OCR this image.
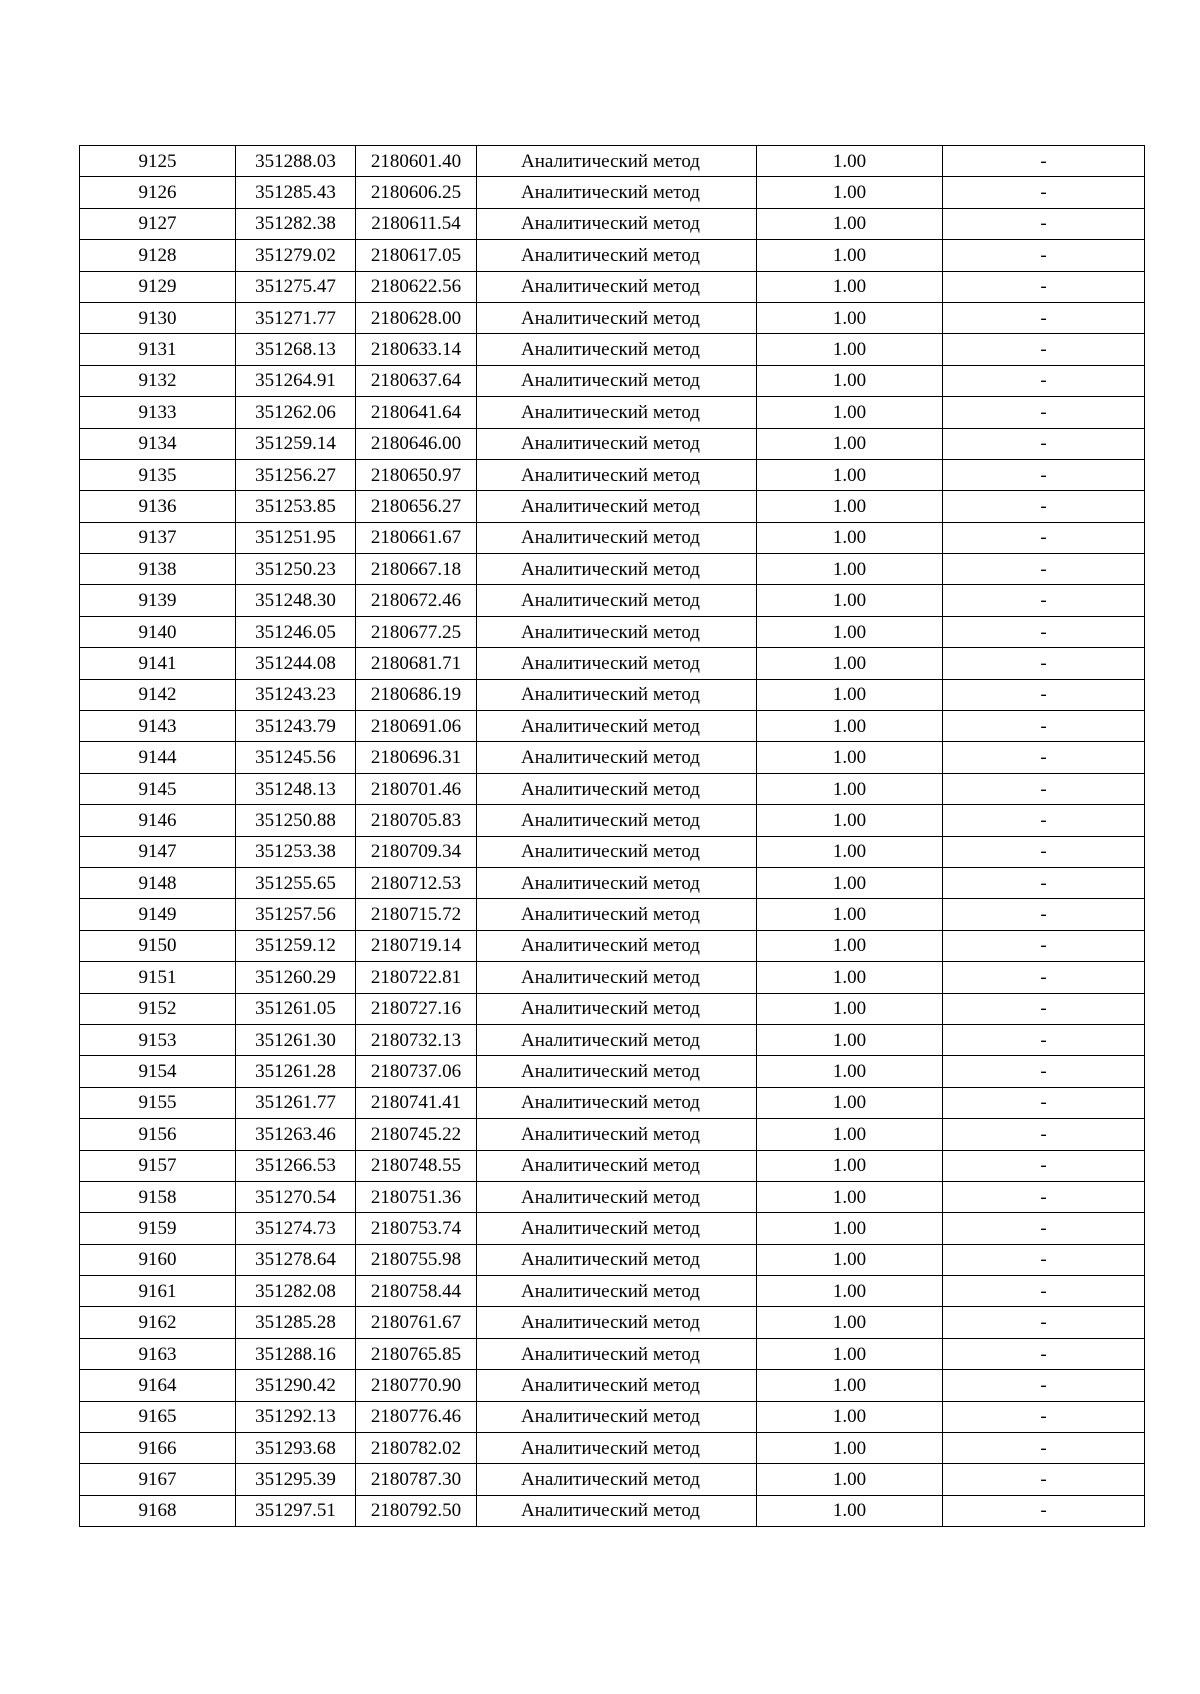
9125	351288.03	2180601.40	Аналитический метод	1.00	-
9126	351285.43	2180606.25	Аналитический метод	1.00	-
9127	351282.38	2180611.54	Аналитический метод	1.00	-
9128	351279.02	2180617.05	Аналитический метод	1.00	-
9129	351275.47	2180622.56	Аналитический метод	1.00	-
9130	351271.77	2180628.00	Аналитический метод	1.00	-
9131	351268.13	2180633.14	Аналитический метод	1.00	-
9132	351264.91	2180637.64	Аналитический метод	1.00	-
9133	351262.06	2180641.64	Аналитический метод	1.00	-
9134	351259.14	2180646.00	Аналитический метод	1.00	-
9135	351256.27	2180650.97	Аналитический метод	1.00	-
9136	351253.85	2180656.27	Аналитический метод	1.00	-
9137	351251.95	2180661.67	Аналитический метод	1.00	-
9138	351250.23	2180667.18	Аналитический метод	1.00	-
9139	351248.30	2180672.46	Аналитический метод	1.00	-
9140	351246.05	2180677.25	Аналитический метод	1.00	-
9141	351244.08	2180681.71	Аналитический метод	1.00	-
9142	351243.23	2180686.19	Аналитический метод	1.00	-
9143	351243.79	2180691.06	Аналитический метод	1.00	-
9144	351245.56	2180696.31	Аналитический метод	1.00	-
9145	351248.13	2180701.46	Аналитический метод	1.00	-
9146	351250.88	2180705.83	Аналитический метод	1.00	-
9147	351253.38	2180709.34	Аналитический метод	1.00	-
9148	351255.65	2180712.53	Аналитический метод	1.00	-
9149	351257.56	2180715.72	Аналитический метод	1.00	-
9150	351259.12	2180719.14	Аналитический метод	1.00	-
9151	351260.29	2180722.81	Аналитический метод	1.00	-
9152	351261.05	2180727.16	Аналитический метод	1.00	-
9153	351261.30	2180732.13	Аналитический метод	1.00	-
9154	351261.28	2180737.06	Аналитический метод	1.00	-
9155	351261.77	2180741.41	Аналитический метод	1.00	-
9156	351263.46	2180745.22	Аналитический метод	1.00	-
9157	351266.53	2180748.55	Аналитический метод	1.00	-
9158	351270.54	2180751.36	Аналитический метод	1.00	-
9159	351274.73	2180753.74	Аналитический метод	1.00	-
9160	351278.64	2180755.98	Аналитический метод	1.00	-
9161	351282.08	2180758.44	Аналитический метод	1.00	-
9162	351285.28	2180761.67	Аналитический метод	1.00	-
9163	351288.16	2180765.85	Аналитический метод	1.00	-
9164	351290.42	2180770.90	Аналитический метод	1.00	-
9165	351292.13	2180776.46	Аналитический метод	1.00	-
9166	351293.68	2180782.02	Аналитический метод	1.00	-
9167	351295.39	2180787.30	Аналитический метод	1.00	-
9168	351297.51	2180792.50	Аналитический метод	1.00	-
